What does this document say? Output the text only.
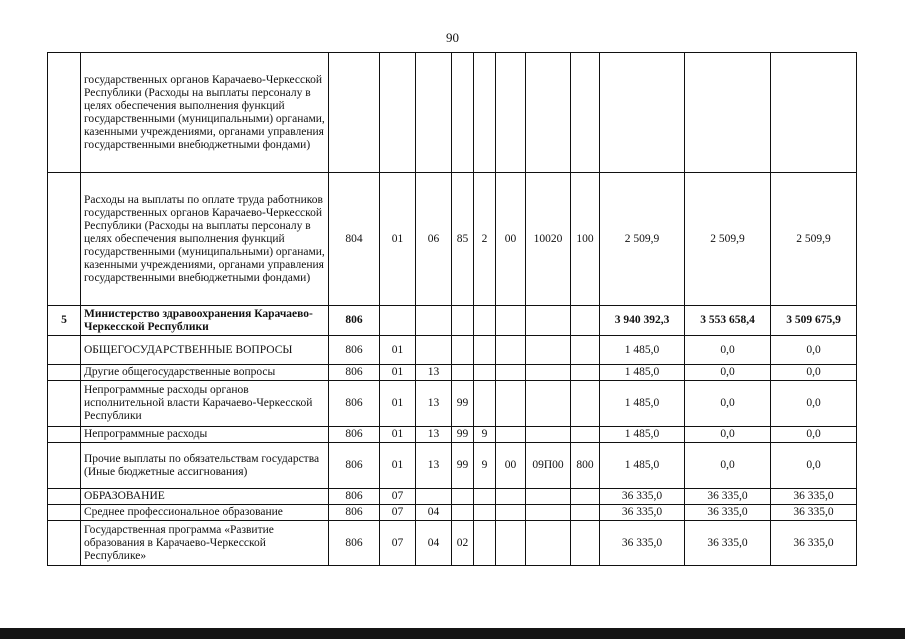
90
	государственных органов Карачаево-Черкесской Республики (Расходы на выплаты персоналу в целях обеспечения выполнения функций государственными (муниципальными) органами, казенными учреждениями, органами управления государственными внебюджетными фондами)											
	Расходы на выплаты по оплате труда работников государственных органов Карачаево-Черкесской Республики (Расходы на выплаты персоналу в целях обеспечения выполнения функций государственными (муниципальными) органами, казенными учреждениями, органами управления государственными внебюджетными фондами)	804	01	06	85	2	00	10020	100	2 509,9	2 509,9	2 509,9
5	Министерство здравоохранения Карачаево-Черкесской Республики	806								3 940 392,3	3 553 658,4	3 509 675,9
	ОБЩЕГОСУДАРСТВЕННЫЕ ВОПРОСЫ	806	01							1 485,0	0,0	0,0
	Другие общегосударственные вопросы	806	01	13						1 485,0	0,0	0,0
	Непрограммные расходы органов исполнительной власти Карачаево-Черкесской Республики	806	01	13	99					1 485,0	0,0	0,0
	Непрограммные расходы	806	01	13	99	9				1 485,0	0,0	0,0
	Прочие выплаты по обязательствам государства (Иные бюджетные ассигнования)	806	01	13	99	9	00	09П00	800	1 485,0	0,0	0,0
	ОБРАЗОВАНИЕ	806	07							36 335,0	36 335,0	36 335,0
	Среднее профессиональное образование	806	07	04						36 335,0	36 335,0	36 335,0
	Государственная программа «Развитие образования в Карачаево-Черкесской Республике»	806	07	04	02					36 335,0	36 335,0	36 335,0
